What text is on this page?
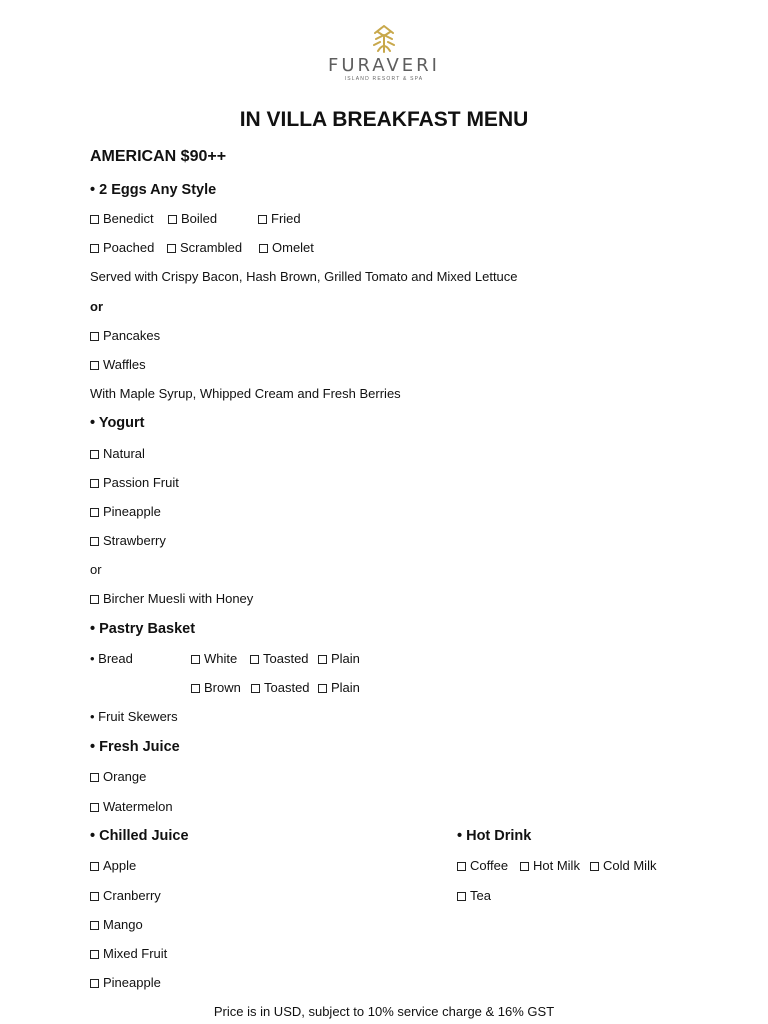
FURAVERI
ISLAND RESORT & SPA
IN VILLA BREAKFAST MENU
AMERICAN $90++
• 2 Eggs Any Style
Benedict	Boiled	Fried
Poached	Scrambled	Omelet
Served with Crispy Bacon, Hash Brown, Grilled Tomato and Mixed Lettuce
or
Pancakes
Waffles
With Maple Syrup, Whipped Cream and Fresh Berries
• Yogurt
Natural
Passion Fruit
Pineapple
Strawberry
or
Bircher Muesli with Honey
• Pastry Basket
• Bread	White	Toasted	Plain
Brown	Toasted	Plain
• Fruit Skewers
• Fresh Juice
Orange
Watermelon
• Chilled Juice
Apple
Cranberry
Mango
Mixed Fruit
Pineapple
• Hot Drink
Coffee	Hot Milk	Cold Milk
Tea
Price is in USD, subject to 10% service charge & 16% GST
